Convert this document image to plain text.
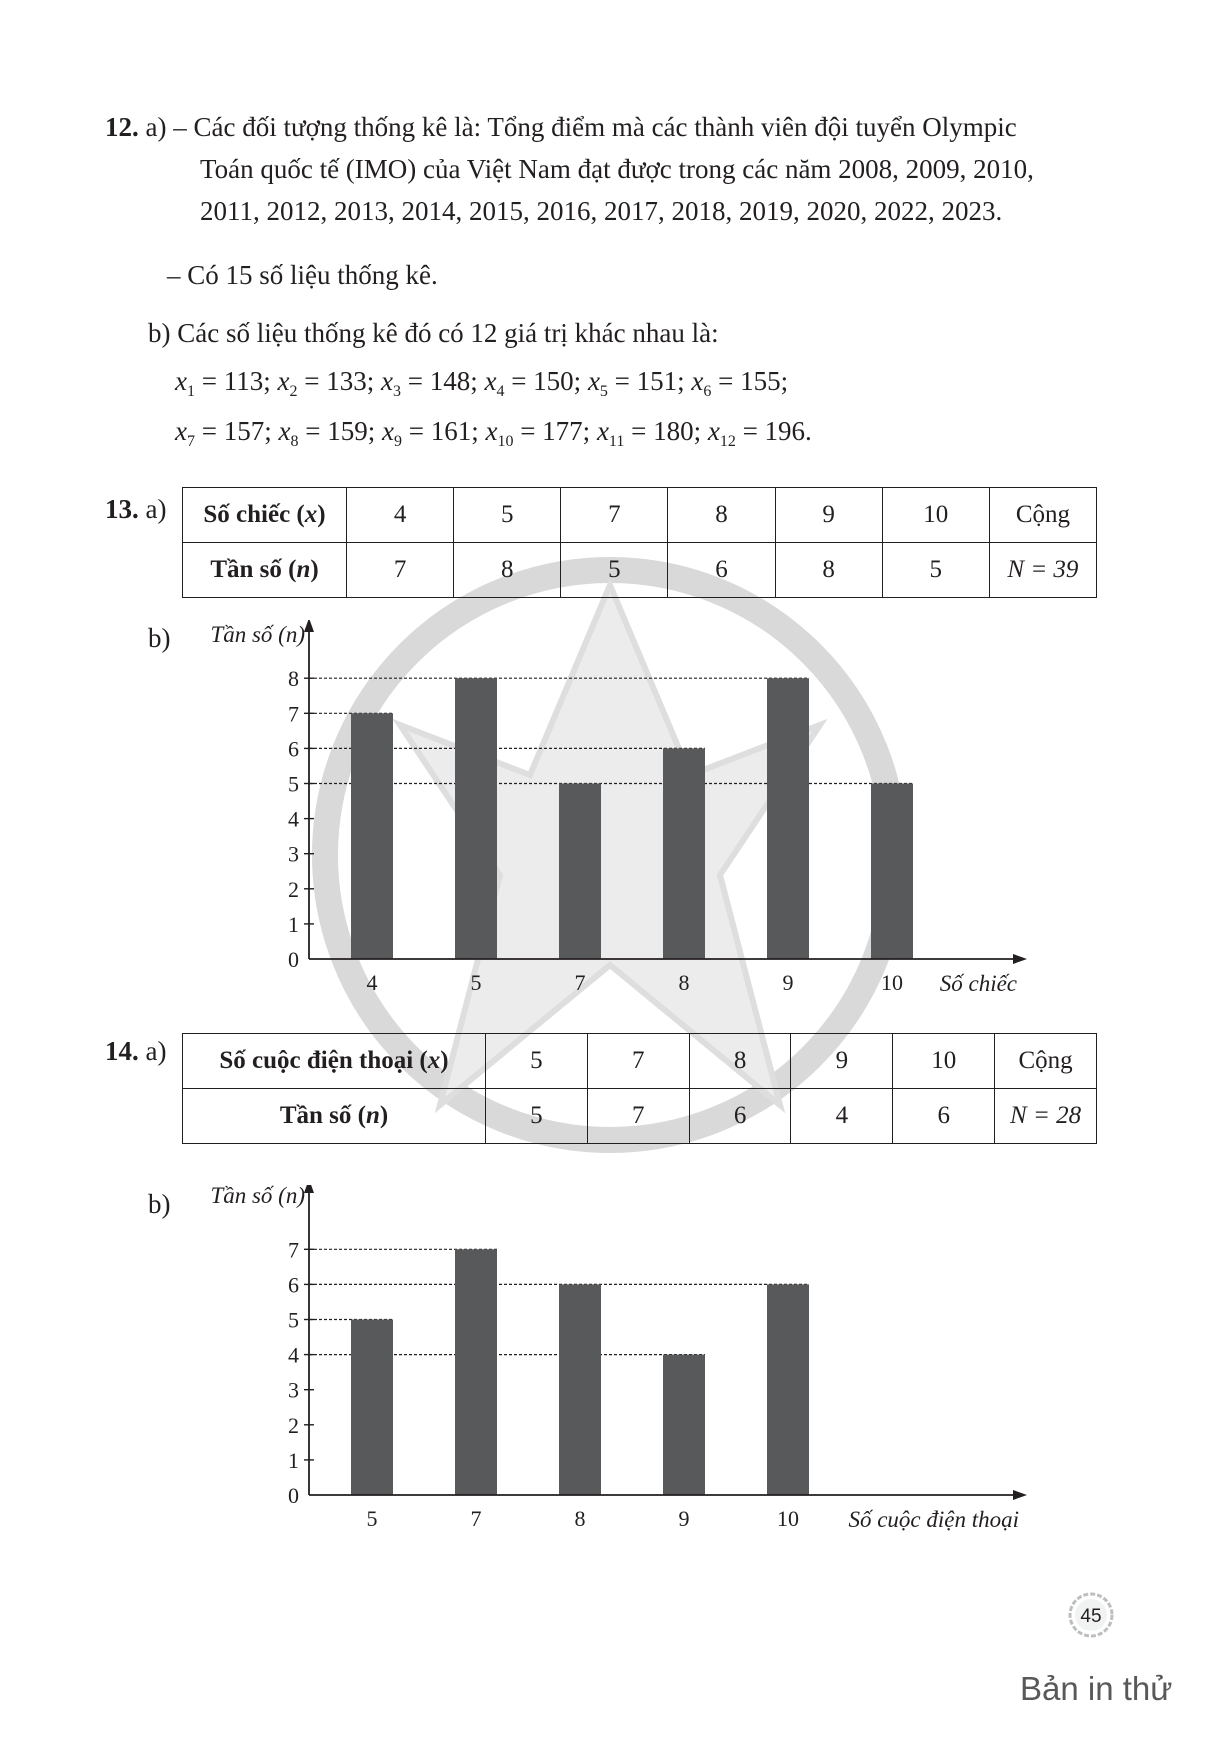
12. a) – Các đối tượng thống kê là: Tổng điểm mà các thành viên đội tuyển Olympic
Toán quốc tế (IMO) của Việt Nam đạt được trong các năm 2008, 2009, 2010,
2011, 2012, 2013, 2014, 2015, 2016, 2017, 2018, 2019, 2020, 2022, 2023.
– Có 15 số liệu thống kê.
b) Các số liệu thống kê đó có 12 giá trị khác nhau là:
$x_1 = 113$; $x_2 = 133$; $x_3 = 148$; $x_4 = 150$; $x_5 = 151$; $x_6 = 155$;
$x_7 = 157$; $x_8 = 159$; $x_9 = 161$; $x_{10} = 177$; $x_{11} = 180$; $x_{12} = 196$.
13. a) Số chiếc (x)	4	5	7	8	9	10	Cộng
Tần số (n)	7	8	5	6	8	5	N = 39
b)
0
1
2
3
4
5
6
7
8
4	5	7	8	9	10 Số chiếc
Tần số (n)
14. a) Số cuộc điện thoại (x)	5	7	8	9	10	Cộng
Tần số (n)	5	7	6	4	6	N = 28
b)
0
1
2
3
4
5
6
7
5	7	8	9	10 Số cuộc điện thoại
Tần số (n)
45
Bản in thử
